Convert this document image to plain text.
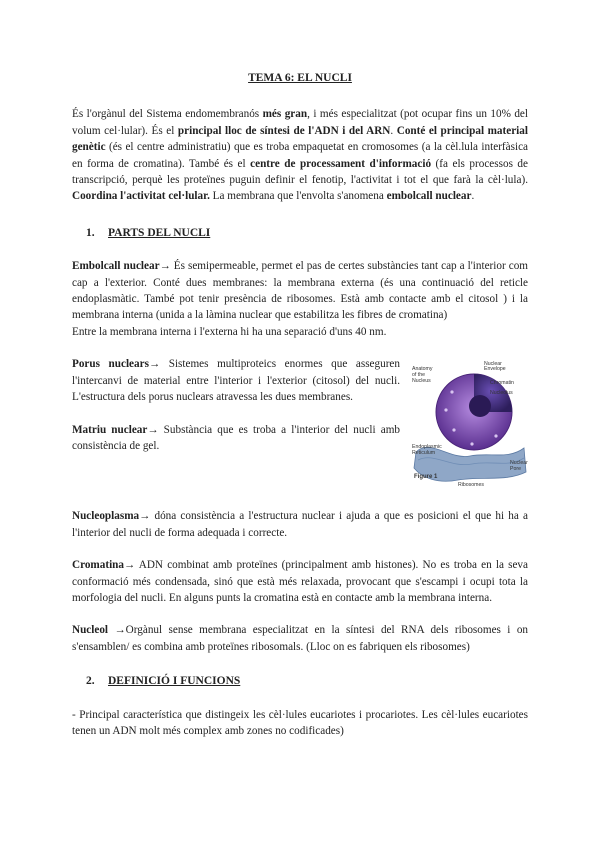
TEMA 6: EL NUCLI

És l'orgànul del Sistema endomembranós més gran, i més especialitzat (pot ocupar fins un 10% del volum cel·lular). És el principal lloc de síntesi de l'ADN i del ARN. Conté el principal material genètic (és el centre administratiu) que es troba empaquetat en cromosomes (a la cèl.lula interfàsica en forma de cromatina). També és el centre de processament d'informació (fa els processos de transcripció, perquè les proteïnes puguin definir el fenotip, l'activitat i tot el que farà la cèl·lula). Coordina l'activitat cel·lular. La membrana que l'envolta s'anomena embolcall nuclear.

1. PARTS DEL NUCLI

Embolcall nuclear→ És semipermeable, permet el pas de certes substàncies tant cap a l'interior com cap a l'exterior. Conté dues membranes: la membrana externa (és una continuació del reticle endoplasmàtic. També pot tenir presència de ribosomes. Està amb contacte amb el citosol ) i la membrana interna (unida a la làmina nuclear que estabilitza les fibres de cromatina)

Entre la membrana interna i l'externa hi ha una separació d'uns 40 nm.

Anatomy
of the
Nucleus
Nuclear
Envelope
Chromatin
Nucleolus
Endoplasmic
Reticulum
Nuclear
Pore
Ribosomes
Figure 1

Porus nuclears→ Sistemes multiproteics enormes que asseguren l'intercanvi de material entre l'interior i l'exterior (citosol) del nucli. L'estructura dels porus nuclears atravessa les dues membranes.

Matriu nuclear→ Substància que es troba a l'interior del nucli amb consistència de gel.

Nucleoplasma→ dóna consistència a l'estructura nuclear i ajuda a que es posicioni el que hi ha a l'interior del nucli de forma adequada i correcte.

Cromatina→ ADN combinat amb proteïnes (principalment amb histones). No es troba en la seva conformació més condensada, sinó que està més relaxada, provocant que s'escampi i ocupi tota la morfologia del nucli. En alguns punts la cromatina està en contacte amb la membrana interna.

Nucleol →Orgànul sense membrana especialitzat en la síntesi del RNA dels ribosomes i on s'ensamblen/ es combina amb proteïnes ribosomals. (Lloc on es fabriquen els ribosomes)

2. DEFINICIÓ I FUNCIONS

- Principal característica que distingeix les cèl·lules eucariotes i procariotes. Les cèl·lules eucariotes tenen un ADN molt més complex amb zones no codificades)
